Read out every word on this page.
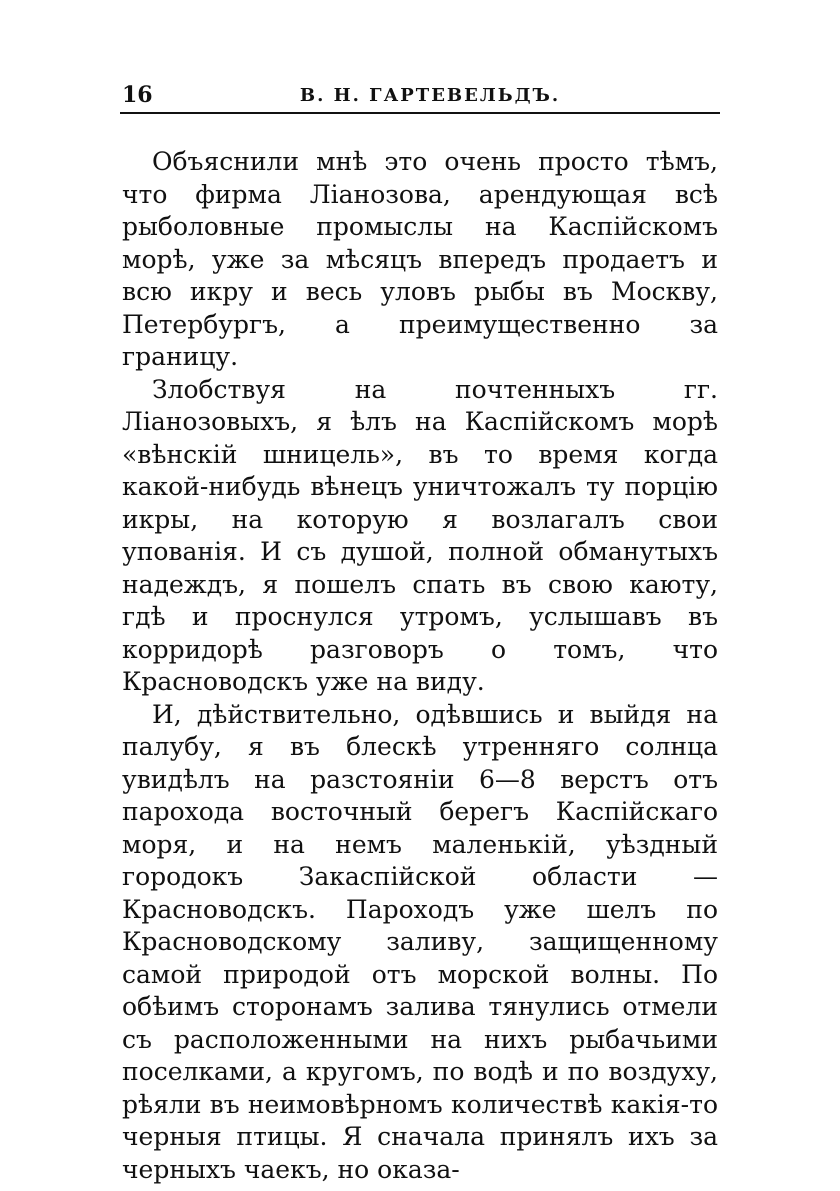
16	В. Н. ГАРТЕВЕЛЬДЪ.

Объяснили мнѣ это очень просто тѣмъ, что фирма Ліанозова, арендующая всѣ рыболовные промыслы на Каспійскомъ морѣ, уже за мѣсяцъ впередъ продаетъ и всю икру и весь уловъ рыбы въ Москву, Петербургъ, а преимущественно за границу.

Злобствуя на почтенныхъ гг. Ліанозовыхъ, я ѣлъ на Каспійскомъ морѣ «вѣнскій шницель», въ то время когда какой-нибудь вѣнецъ уничтожалъ ту порцію икры, на которую я возлагалъ свои упованія. И съ душой, полной обманутыхъ надеждъ, я пошелъ спать въ свою каюту, гдѣ и проснулся утромъ, услышавъ въ корридорѣ разговоръ о томъ, что Красноводскъ уже на виду.

И, дѣйствительно, одѣвшись и выйдя на палубу, я въ блескѣ утренняго солнца увидѣлъ на разстояніи 6—8 верстъ отъ парохода восточный берегъ Каспійскаго моря, и на немъ маленькій, уѣздный городокъ Закаспійской области — Красноводскъ. Пароходъ уже шелъ по Красноводскому заливу, защищенному самой природой отъ морской волны. По обѣимъ сторонамъ залива тянулись отмели съ расположенными на нихъ рыбачьими поселками, а кругомъ, по водѣ и по воздуху, рѣяли въ неимовѣрномъ количествѣ какія-то черныя птицы. Я сначала принялъ ихъ за черныхъ чаекъ, но оказа-
